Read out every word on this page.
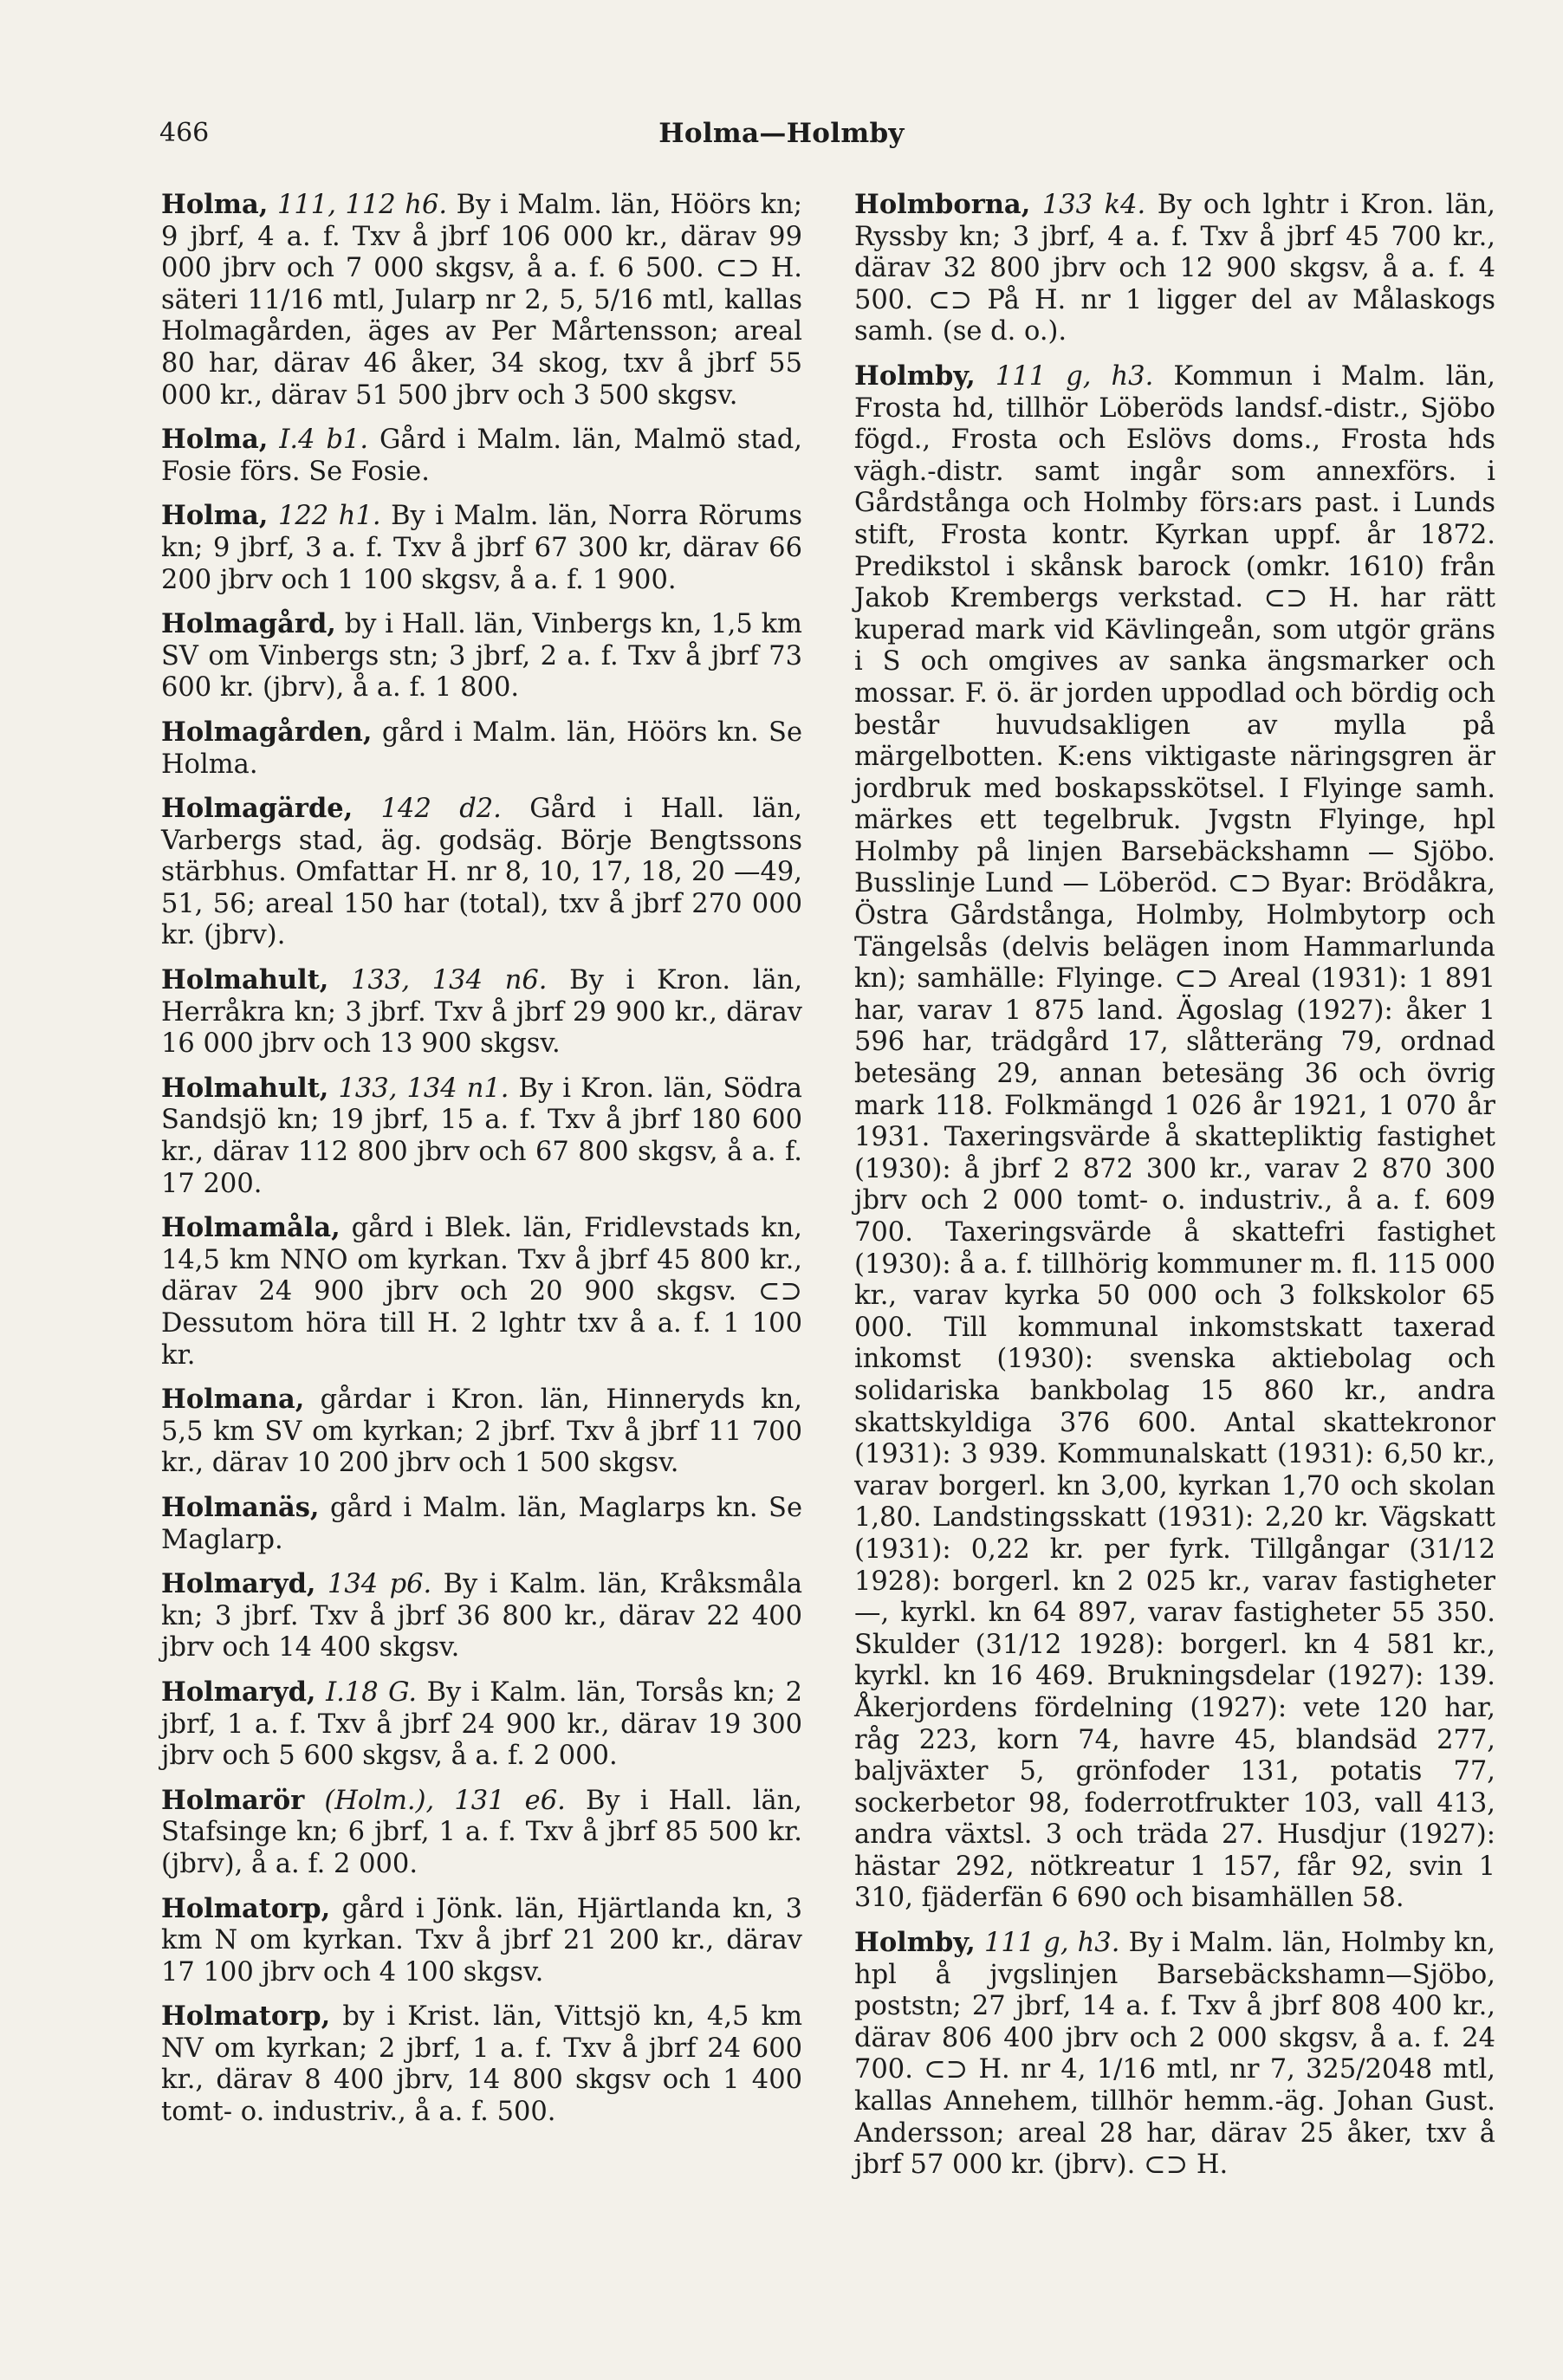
466	Holma—Holmby

Holma, 111, 112 h6. By i Malm. län, Höörs kn; 9 jbrf, 4 a. f. Txv å jbrf 106 000 kr., därav 99 000 jbrv och 7 000 skgsv, å a. f. 6 500. ⊂⊃ H. säteri 11/16 mtl, Jularp nr 2, 5, 5/16 mtl, kallas Holmagården, äges av Per Mårtensson; areal 80 har, därav 46 åker, 34 skog, txv å jbrf 55 000 kr., därav 51 500 jbrv och 3 500 skgsv.

Holma, I.4 b1. Gård i Malm. län, Malmö stad, Fosie förs. Se Fosie.

Holma, 122 h1. By i Malm. län, Norra Rörums kn; 9 jbrf, 3 a. f. Txv å jbrf 67 300 kr, därav 66 200 jbrv och 1 100 skgsv, å a. f. 1 900.

Holmagård, by i Hall. län, Vinbergs kn, 1,5 km SV om Vinbergs stn; 3 jbrf, 2 a. f. Txv å jbrf 73 600 kr. (jbrv), å a. f. 1 800.

Holmagården, gård i Malm. län, Höörs kn. Se Holma.

Holmagärde, 142 d2. Gård i Hall. län, Varbergs stad, äg. godsäg. Börje Bengtssons stärbhus. Omfattar H. nr 8, 10, 17, 18, 20 —49, 51, 56; areal 150 har (total), txv å jbrf 270 000 kr. (jbrv).

Holmahult, 133, 134 n6. By i Kron. län, Herråkra kn; 3 jbrf. Txv å jbrf 29 900 kr., därav 16 000 jbrv och 13 900 skgsv.

Holmahult, 133, 134 n1. By i Kron. län, Södra Sandsjö kn; 19 jbrf, 15 a. f. Txv å jbrf 180 600 kr., därav 112 800 jbrv och 67 800 skgsv, å a. f. 17 200.

Holmamåla, gård i Blek. län, Fridlevstads kn, 14,5 km NNO om kyrkan. Txv å jbrf 45 800 kr., därav 24 900 jbrv och 20 900 skgsv. ⊂⊃ Dessutom höra till H. 2 lghtr txv å a. f. 1 100 kr.

Holmana, gårdar i Kron. län, Hinneryds kn, 5,5 km SV om kyrkan; 2 jbrf. Txv å jbrf 11 700 kr., därav 10 200 jbrv och 1 500 skgsv.

Holmanäs, gård i Malm. län, Maglarps kn. Se Maglarp.

Holmaryd, 134 p6. By i Kalm. län, Kråksmåla kn; 3 jbrf. Txv å jbrf 36 800 kr., därav 22 400 jbrv och 14 400 skgsv.

Holmaryd, I.18 G. By i Kalm. län, Torsås kn; 2 jbrf, 1 a. f. Txv å jbrf 24 900 kr., därav 19 300 jbrv och 5 600 skgsv, å a. f. 2 000.

Holmarör (Holm.), 131 e6. By i Hall. län, Stafsinge kn; 6 jbrf, 1 a. f. Txv å jbrf 85 500 kr. (jbrv), å a. f. 2 000.

Holmatorp, gård i Jönk. län, Hjärtlanda kn, 3 km N om kyrkan. Txv å jbrf 21 200 kr., därav 17 100 jbrv och 4 100 skgsv.

Holmatorp, by i Krist. län, Vittsjö kn, 4,5 km NV om kyrkan; 2 jbrf, 1 a. f. Txv å jbrf 24 600 kr., därav 8 400 jbrv, 14 800 skgsv och 1 400 tomt- o. industriv., å a. f. 500.

Holmborna, 133 k4. By och lghtr i Kron. län, Ryssby kn; 3 jbrf, 4 a. f. Txv å jbrf 45 700 kr., därav 32 800 jbrv och 12 900 skgsv, å a. f. 4 500. ⊂⊃ På H. nr 1 ligger del av Målaskogs samh. (se d. o.).

Holmby, 111 g, h3. Kommun i Malm. län, Frosta hd, tillhör Löberöds landsf.-distr., Sjöbo fögd., Frosta och Eslövs doms., Frosta hds vägh.-distr. samt ingår som annexförs. i Gårdstånga och Holmby förs:ars past. i Lunds stift, Frosta kontr. Kyrkan uppf. år 1872. Predikstol i skånsk barock (omkr. 1610) från Jakob Krembergs verkstad. ⊂⊃ H. har rätt kuperad mark vid Kävlingeån, som utgör gräns i S och omgives av sanka ängsmarker och mossar. F. ö. är jorden uppodlad och bördig och består huvudsakligen av mylla på märgelbotten. K:ens viktigaste näringsgren är jordbruk med boskapsskötsel. I Flyinge samh. märkes ett tegelbruk. Jvgstn Flyinge, hpl Holmby på linjen Barsebäckshamn — Sjöbo. Busslinje Lund — Löberöd. ⊂⊃ Byar: Brödåkra, Östra Gårdstånga, Holmby, Holmbytorp och Tängelsås (delvis belägen inom Hammarlunda kn); samhälle: Flyinge. ⊂⊃ Areal (1931): 1 891 har, varav 1 875 land. Ägoslag (1927): åker 1 596 har, trädgård 17, slåtteräng 79, ordnad betesäng 29, annan betesäng 36 och övrig mark 118. Folkmängd 1 026 år 1921, 1 070 år 1931. Taxeringsvärde å skattepliktig fastighet (1930): å jbrf 2 872 300 kr., varav 2 870 300 jbrv och 2 000 tomt- o. industriv., å a. f. 609 700. Taxeringsvärde å skattefri fastighet (1930): å a. f. tillhörig kommuner m. fl. 115 000 kr., varav kyrka 50 000 och 3 folkskolor 65 000. Till kommunal inkomstskatt taxerad inkomst (1930): svenska aktiebolag och solidariska bankbolag 15 860 kr., andra skattskyldiga 376 600. Antal skattekronor (1931): 3 939. Kommunalskatt (1931): 6,50 kr., varav borgerl. kn 3,00, kyrkan 1,70 och skolan 1,80. Landstingsskatt (1931): 2,20 kr. Vägskatt (1931): 0,22 kr. per fyrk. Tillgångar (31/12 1928): borgerl. kn 2 025 kr., varav fastigheter —, kyrkl. kn 64 897, varav fastigheter 55 350. Skulder (31/12 1928): borgerl. kn 4 581 kr., kyrkl. kn 16 469. Brukningsdelar (1927): 139. Åkerjordens fördelning (1927): vete 120 har, råg 223, korn 74, havre 45, blandsäd 277, baljväxter 5, grönfoder 131, potatis 77, sockerbetor 98, foderrotfrukter 103, vall 413, andra växtsl. 3 och träda 27. Husdjur (1927): hästar 292, nötkreatur 1 157, får 92, svin 1 310, fjäderfän 6 690 och bisamhällen 58.

Holmby, 111 g, h3. By i Malm. län, Holmby kn, hpl å jvgslinjen Barsebäckshamn—Sjöbo, poststn; 27 jbrf, 14 a. f. Txv å jbrf 808 400 kr., därav 806 400 jbrv och 2 000 skgsv, å a. f. 24 700. ⊂⊃ H. nr 4, 1/16 mtl, nr 7, 325/2048 mtl, kallas Annehem, tillhör hemm.-äg. Johan Gust. Andersson; areal 28 har, därav 25 åker, txv å jbrf 57 000 kr. (jbrv). ⊂⊃ H.
